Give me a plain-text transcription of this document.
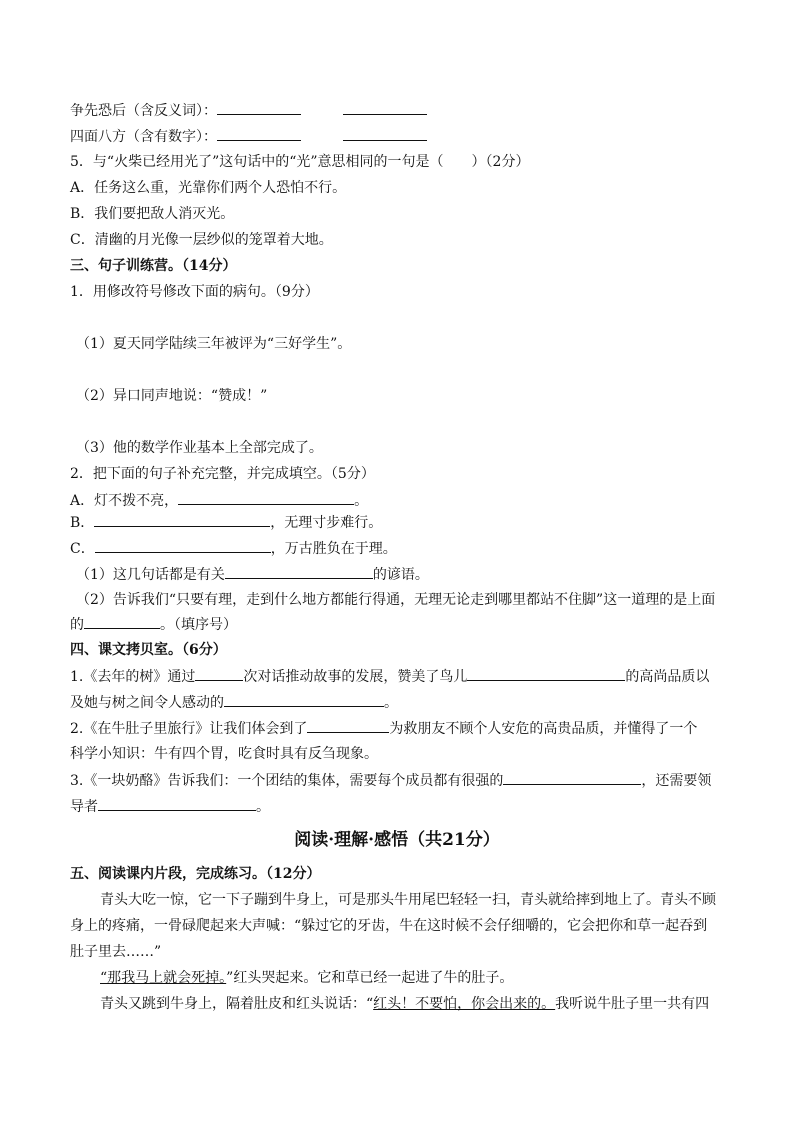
争先恐后（含反义词）：
四面八方（含有数字）：
5．与“火柴已经用光了”这句话中的“光”意思相同的一句是（ ）（2分）
A．任务这么重，光靠你们两个人恐怕不行。
B．我们要把敌人消灭光。
C．清幽的月光像一层纱似的笼罩着大地。
三、句子训练营。（14分）
1．用修改符号修改下面的病句。（9分）
（1）夏天同学陆续三年被评为“三好学生”。
（2）异口同声地说：“赞成！”
（3）他的数学作业基本上全部完成了。
2．把下面的句子补充完整，并完成填空。（5分）
A．灯不拨不亮，	。
B．	，无理寸步难行。
C．	，万古胜负在于理。
（1）这几句话都是有关	的谚语。
（2）告诉我们“只要有理，走到什么地方都能行得通，无理无论走到哪里都站不住脚”这一道理的是上面
的	。（填序号）
四、课文拷贝室。（6分）
1.《去年的树》通过	次对话推动故事的发展，赞美了鸟儿	的高尚品质以
及她与树之间令人感动的	。
2.《在牛肚子里旅行》让我们体会到了	为救朋友不顾个人安危的高贵品质，并懂得了一个
科学小知识：牛有四个胃，吃食时具有反刍现象。
3.《一块奶酪》告诉我们：一个团结的集体，需要每个成员都有很强的	，还需要领
导者	。
阅读·理解·感悟（共21分）
五、阅读课内片段，完成练习。（12分）
青头大吃一惊，它一下子蹦到牛身上，可是那头牛用尾巴轻轻一扫，青头就给摔到地上了。青头不顾
身上的疼痛，一骨碌爬起来大声喊：“躲过它的牙齿，牛在这时候不会仔细嚼的，它会把你和草一起吞到
肚子里去……”
“那我马上就会死掉。”红头哭起来。它和草已经一起进了牛的肚子。
青头又跳到牛身上，隔着肚皮和红头说话：“红头！不要怕，你会出来的。我听说牛肚子里一共有四
